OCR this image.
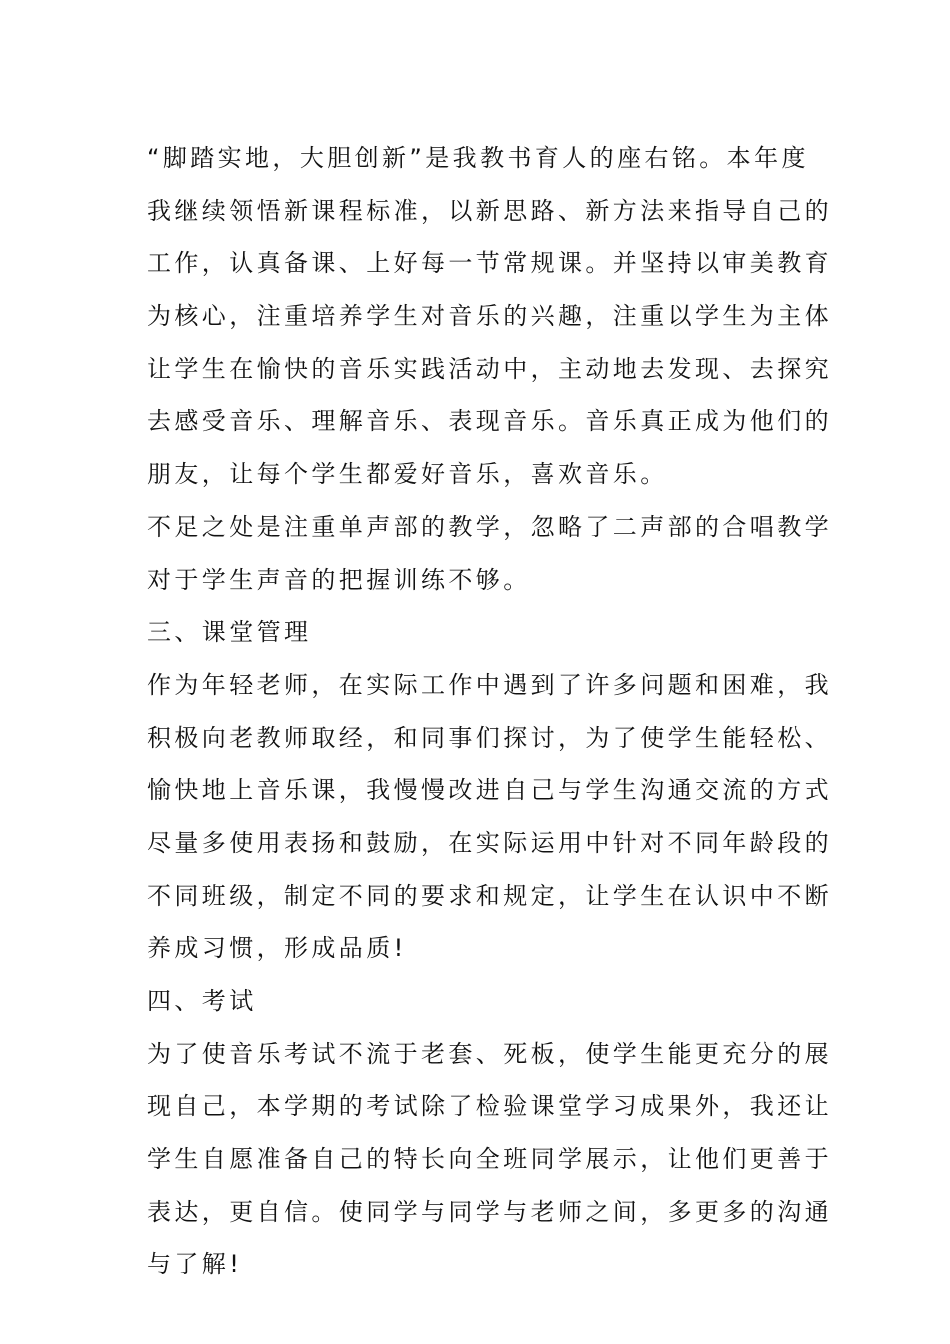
“脚踏实地，大胆创新”是我教书育人的座右铭。本年度
我继续领悟新课程标准，以新思路、新方法来指导自己的
工作，认真备课、上好每一节常规课。并坚持以审美教育
为核心，注重培养学生对音乐的兴趣，注重以学生为主体
让学生在愉快的音乐实践活动中，主动地去发现、去探究
去感受音乐、理解音乐、表现音乐。音乐真正成为他们的
朋友，让每个学生都爱好音乐，喜欢音乐。
不足之处是注重单声部的教学，忽略了二声部的合唱教学
对于学生声音的把握训练不够。
三、课堂管理
作为年轻老师，在实际工作中遇到了许多问题和困难，我
积极向老教师取经，和同事们探讨，为了使学生能轻松、
愉快地上音乐课，我慢慢改进自己与学生沟通交流的方式
尽量多使用表扬和鼓励，在实际运用中针对不同年龄段的
不同班级，制定不同的要求和规定，让学生在认识中不断
养成习惯，形成品质!
四、考试
为了使音乐考试不流于老套、死板，使学生能更充分的展
现自己，本学期的考试除了检验课堂学习成果外，我还让
学生自愿准备自己的特长向全班同学展示，让他们更善于
表达，更自信。使同学与同学与老师之间，多更多的沟通
与了解!
